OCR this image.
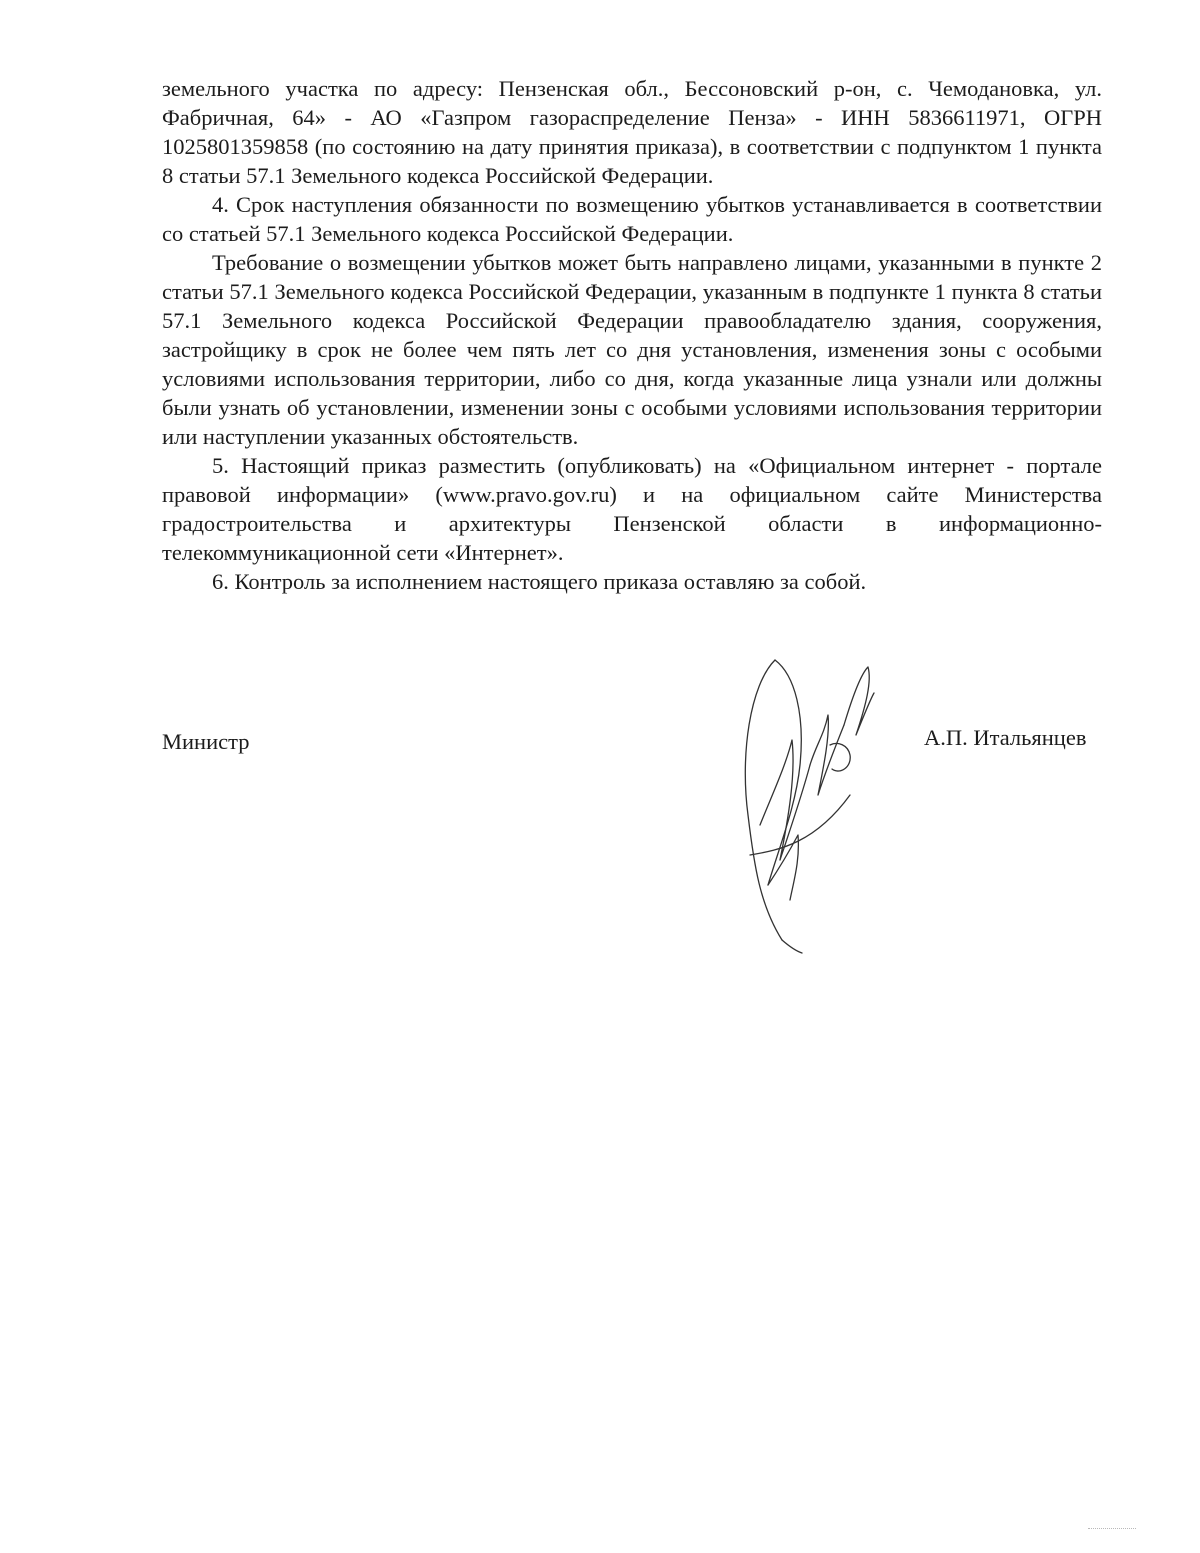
земельного участка по адресу: Пензенская обл., Бессоновский р-он, с. Чемодановка, ул. Фабричная, 64» - АО «Газпром газораспределение Пенза» - ИНН 5836611971, ОГРН 1025801359858 (по состоянию на дату принятия приказа), в соответствии с подпунктом 1 пункта 8 статьи 57.1 Земельного кодекса Российской Федерации.

4. Срок наступления обязанности по возмещению убытков устанавливается в соответствии со статьей 57.1 Земельного кодекса Российской Федерации.

Требование о возмещении убытков может быть направлено лицами, указанными в пункте 2 статьи 57.1 Земельного кодекса Российской Федерации, указанным в подпункте 1 пункта 8 статьи 57.1 Земельного кодекса Российской Федерации правообладателю здания, сооружения, застройщику в срок не более чем пять лет со дня установления, изменения зоны с особыми условиями использования территории, либо со дня, когда указанные лица узнали или должны были узнать об установлении, изменении зоны с особыми условиями использования территории или наступлении указанных обстоятельств.

5. Настоящий приказ разместить (опубликовать) на «Официальном интернет - портале правовой информации» (www.pravo.gov.ru) и на официальном сайте Министерства градостроительства и архитектуры Пензенской области в информационно-телекоммуникационной сети «Интернет».

6. Контроль за исполнением настоящего приказа оставляю за собой.

Министр	А.П. Итальянцев
